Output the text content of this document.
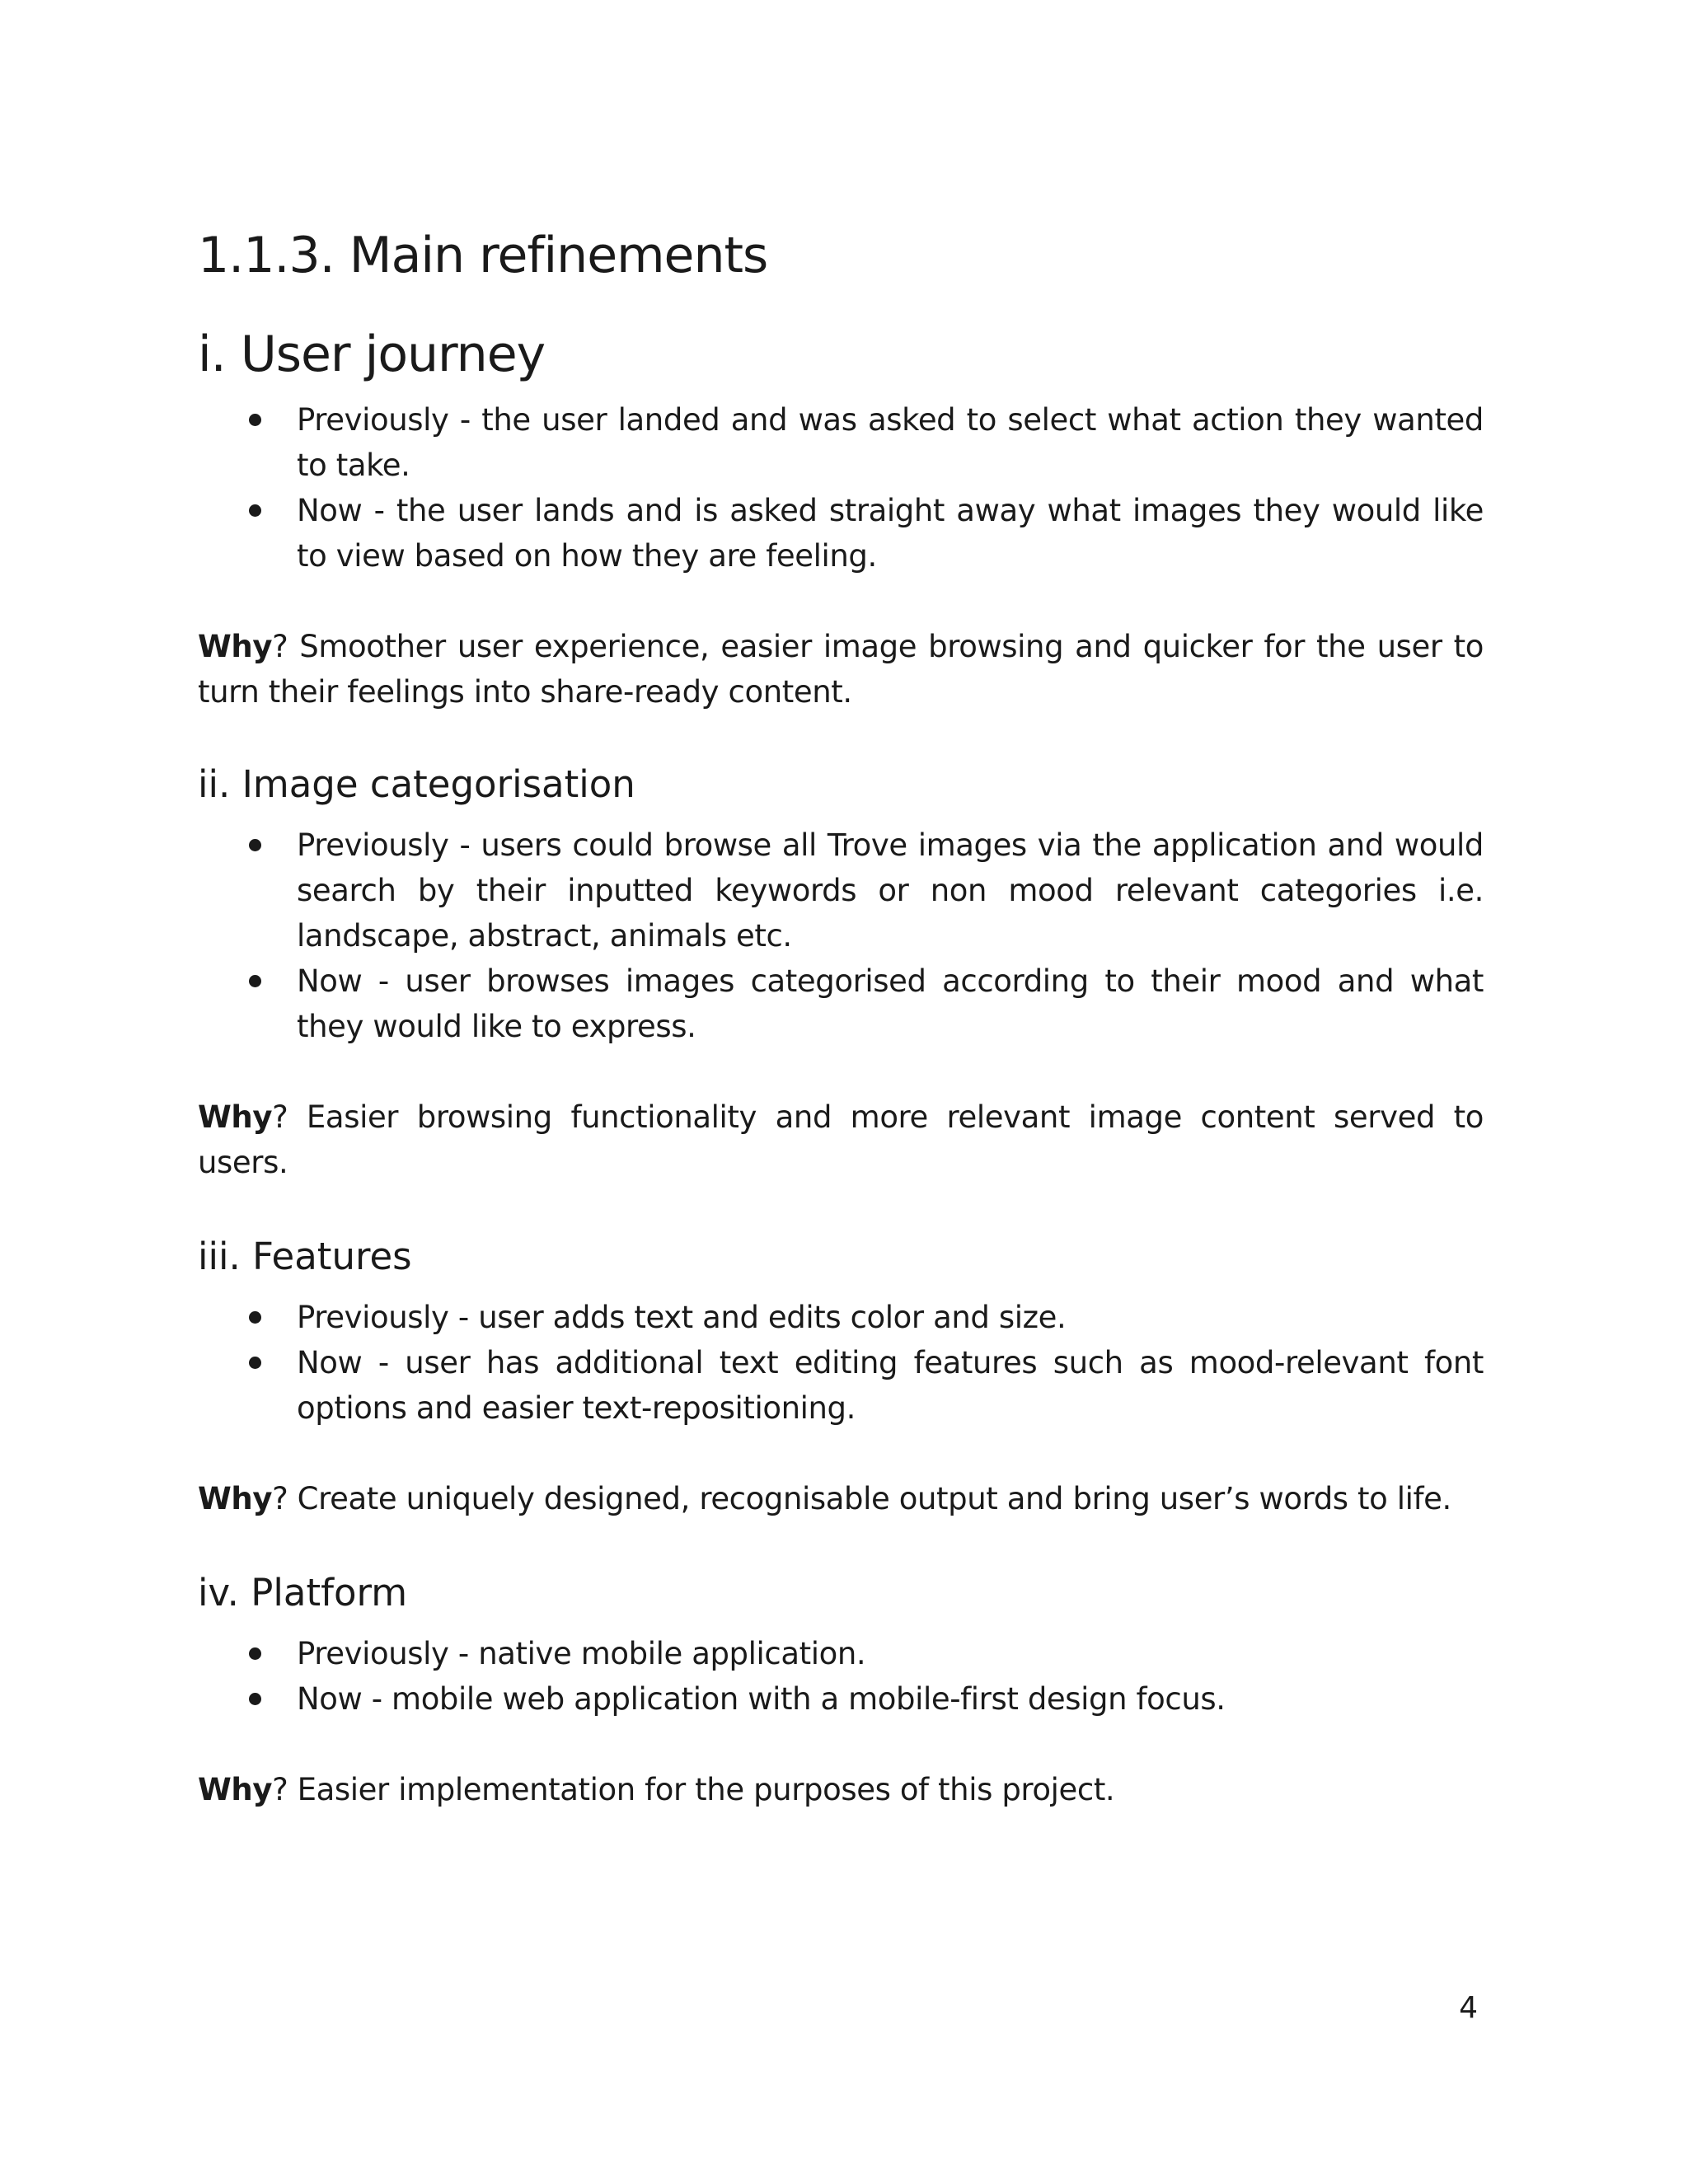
1.1.3. Main refinements
i. User journey
Previously - the user landed and was asked to select what action they wanted to take.
Now - the user lands and is asked straight away what images they would like to view based on how they are feeling.

Why? Smoother user experience, easier image browsing and quicker for the user to turn their feelings into share-ready content.

ii. Image categorisation
Previously - users could browse all Trove images via the application and would search by their inputted keywords or non mood relevant categories i.e. landscape, abstract, animals etc.
Now - user browses images categorised according to their mood and what they would like to express.

Why? Easier browsing functionality and more relevant image content served to users.

iii. Features
Previously - user adds text and edits color and size.
Now - user has additional text editing features such as mood-relevant font options and easier text-repositioning.

Why? Create uniquely designed, recognisable output and bring user’s words to life.

iv. Platform
Previously - native mobile application.
Now - mobile web application with a mobile-first design focus.

Why? Easier implementation for the purposes of this project.

4
